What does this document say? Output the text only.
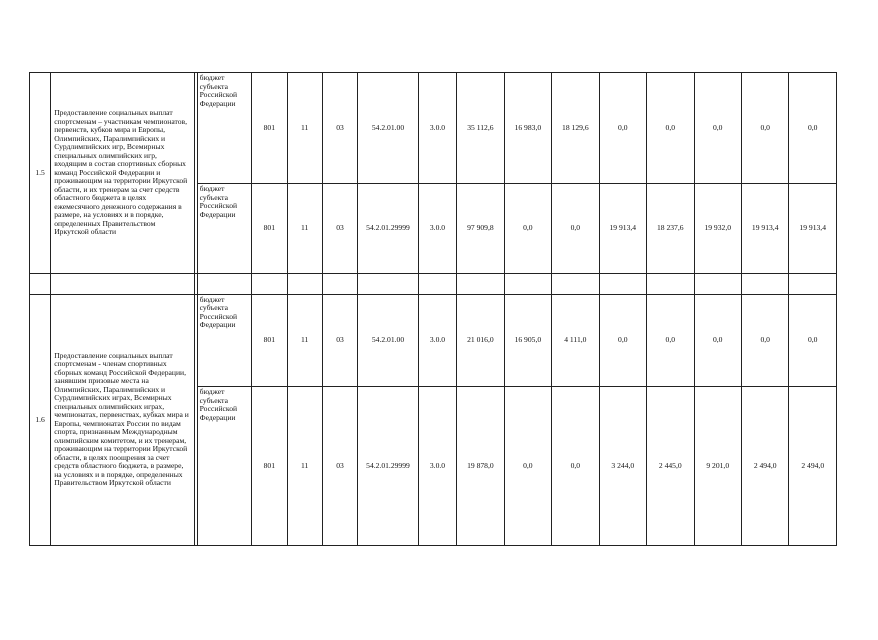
1.5	Предоставление социальных выплат спортсменам – участникам чемпионатов, первенств, кубков мира и Европы, Олимпийских, Паралимпийских и Сурдлимпийских игр, Всемирных специальных олимпийских игр, входящим в состав спортивных сборных команд Российской Федерации и проживающим на территории Иркутской области, и их тренерам за счет средств областного бюджета в целях ежемесячного денежного содержания в размере, на условиях и в порядке, определенных Правительством Иркутской области		бюджет субъекта Российской Федерации	801	11	03	54.2.01.00	3.0.0	35 112,6	16 983,0	18 129,6	0,0	0,0	0,0	0,0	0,0
			бюджет субъекта Российской Федерации	801	11	03	54.2.01.29999	3.0.0	97 909,8	0,0	0,0	19 913,4	18 237,6	19 932,0	19 913,4	19 913,4

1.6	Предоставление социальных выплат спортсменам - членам спортивных сборных команд Российской Федерации, занявшим призовые места на Олимпийских, Паралимпийских и Сурдлимпийских играх, Всемирных специальных олимпийских играх, чемпионатах, первенствах, кубках мира и Европы, чемпионатах России по видам спорта, признанным Международным олимпийским комитетом, и их тренерам, проживающим на территории Иркутской области, в целях поощрения за счет средств областного бюджета, в размере, на условиях и в порядке, определенных Правительством Иркутской области		бюджет субъекта Российской Федерации	801	11	03	54.2.01.00	3.0.0	21 016,0	16 905,0	4 111,0	0,0	0,0	0,0	0,0	0,0
			бюджет субъекта Российской Федерации	801	11	03	54.2.01.29999	3.0.0	19 878,0	0,0	0,0	3 244,0	2 445,0	9 201,0	2 494,0	2 494,0
